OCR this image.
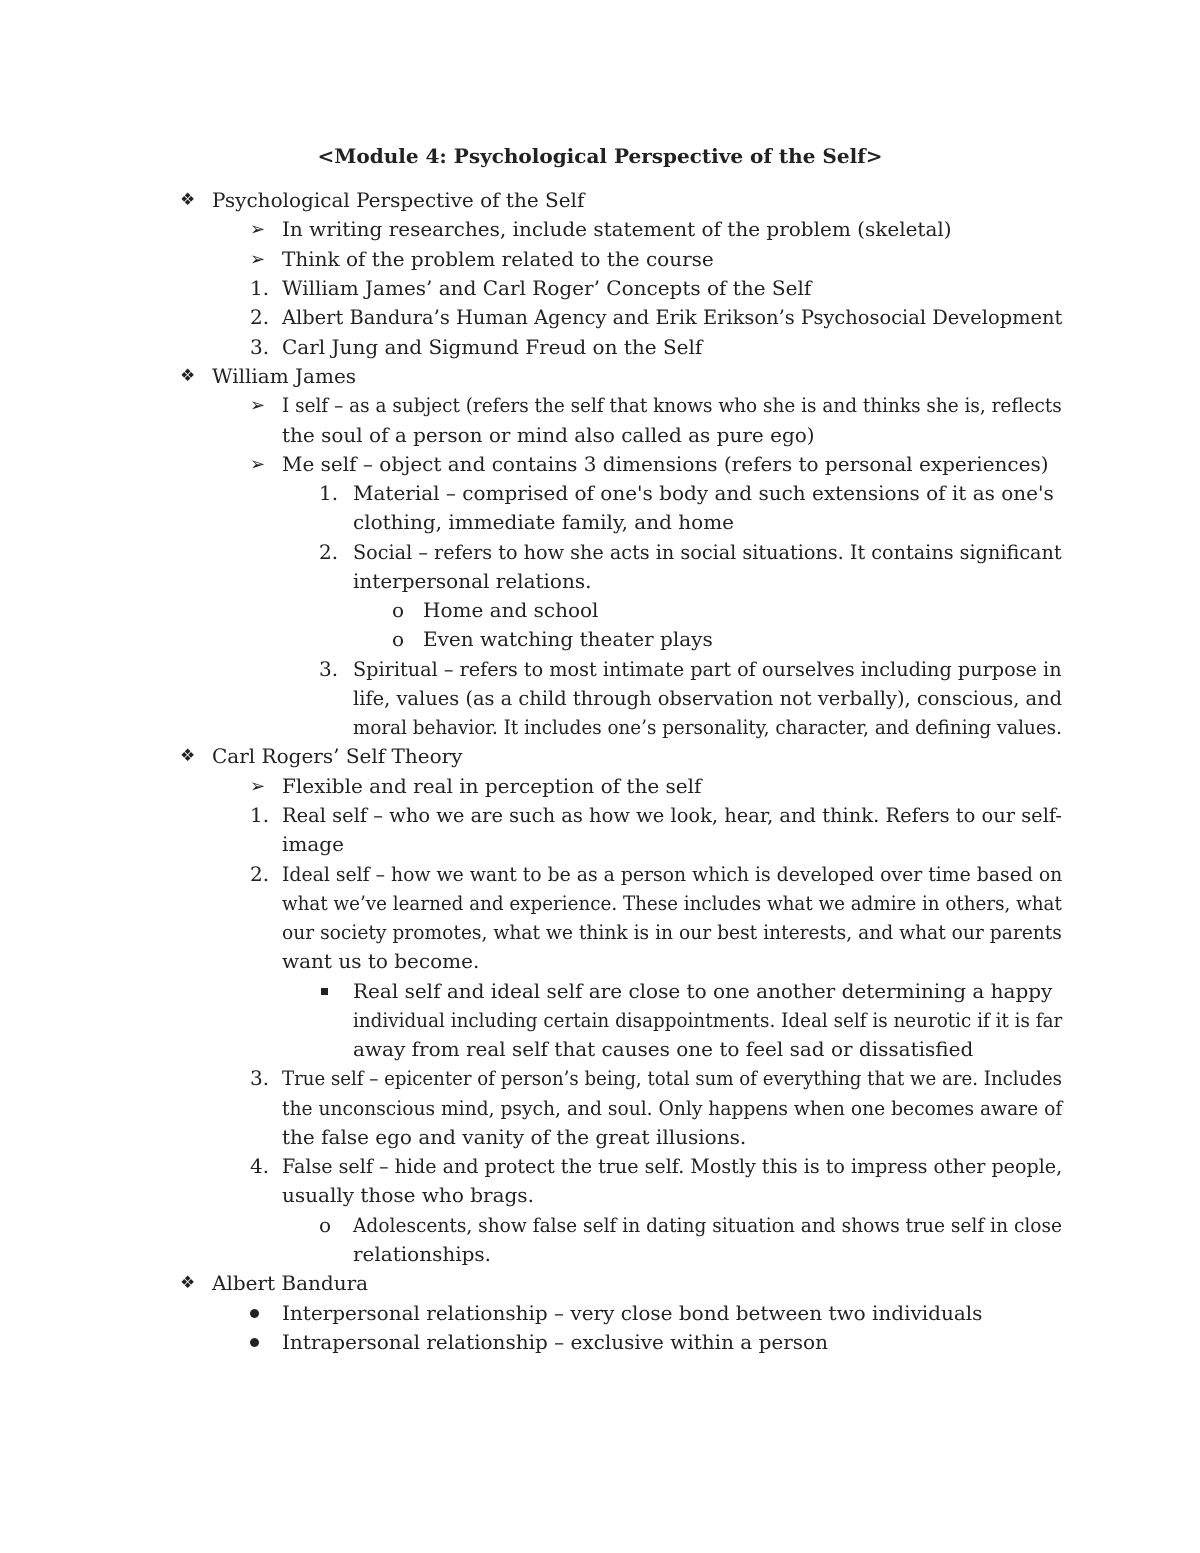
<Module 4: Psychological Perspective of the Self>
❖ Psychological Perspective of the Self
➢ In writing researches, include statement of the problem (skeletal)
➢ Think of the problem related to the course
1. William James’ and Carl Roger’ Concepts of the Self
2. Albert Bandura’s Human Agency and Erik Erikson’s Psychosocial Development
3. Carl Jung and Sigmund Freud on the Self
❖ William James
➢ I self – as a subject (refers the self that knows who she is and thinks she is, reflects
the soul of a person or mind also called as pure ego)
➢ Me self – object and contains 3 dimensions (refers to personal experiences)
1. Material – comprised of one's body and such extensions of it as one's
clothing, immediate family, and home
2. Social – refers to how she acts in social situations. It contains significant
interpersonal relations.
o Home and school
o Even watching theater plays
3. Spiritual – refers to most intimate part of ourselves including purpose in
life, values (as a child through observation not verbally), conscious, and
moral behavior. It includes one’s personality, character, and defining values.
❖ Carl Rogers’ Self Theory
➢ Flexible and real in perception of the self
1. Real self – who we are such as how we look, hear, and think. Refers to our self-
image
2. Ideal self – how we want to be as a person which is developed over time based on
what we’ve learned and experience. These includes what we admire in others, what
our society promotes, what we think is in our best interests, and what our parents
want us to become.
Real self and ideal self are close to one another determining a happy
individual including certain disappointments. Ideal self is neurotic if it is far
away from real self that causes one to feel sad or dissatisfied
3. True self – epicenter of person’s being, total sum of everything that we are. Includes
the unconscious mind, psych, and soul. Only happens when one becomes aware of
the false ego and vanity of the great illusions.
4. False self – hide and protect the true self. Mostly this is to impress other people,
usually those who brags.
o Adolescents, show false self in dating situation and shows true self in close
relationships.
❖ Albert Bandura
Interpersonal relationship – very close bond between two individuals
Intrapersonal relationship – exclusive within a person
